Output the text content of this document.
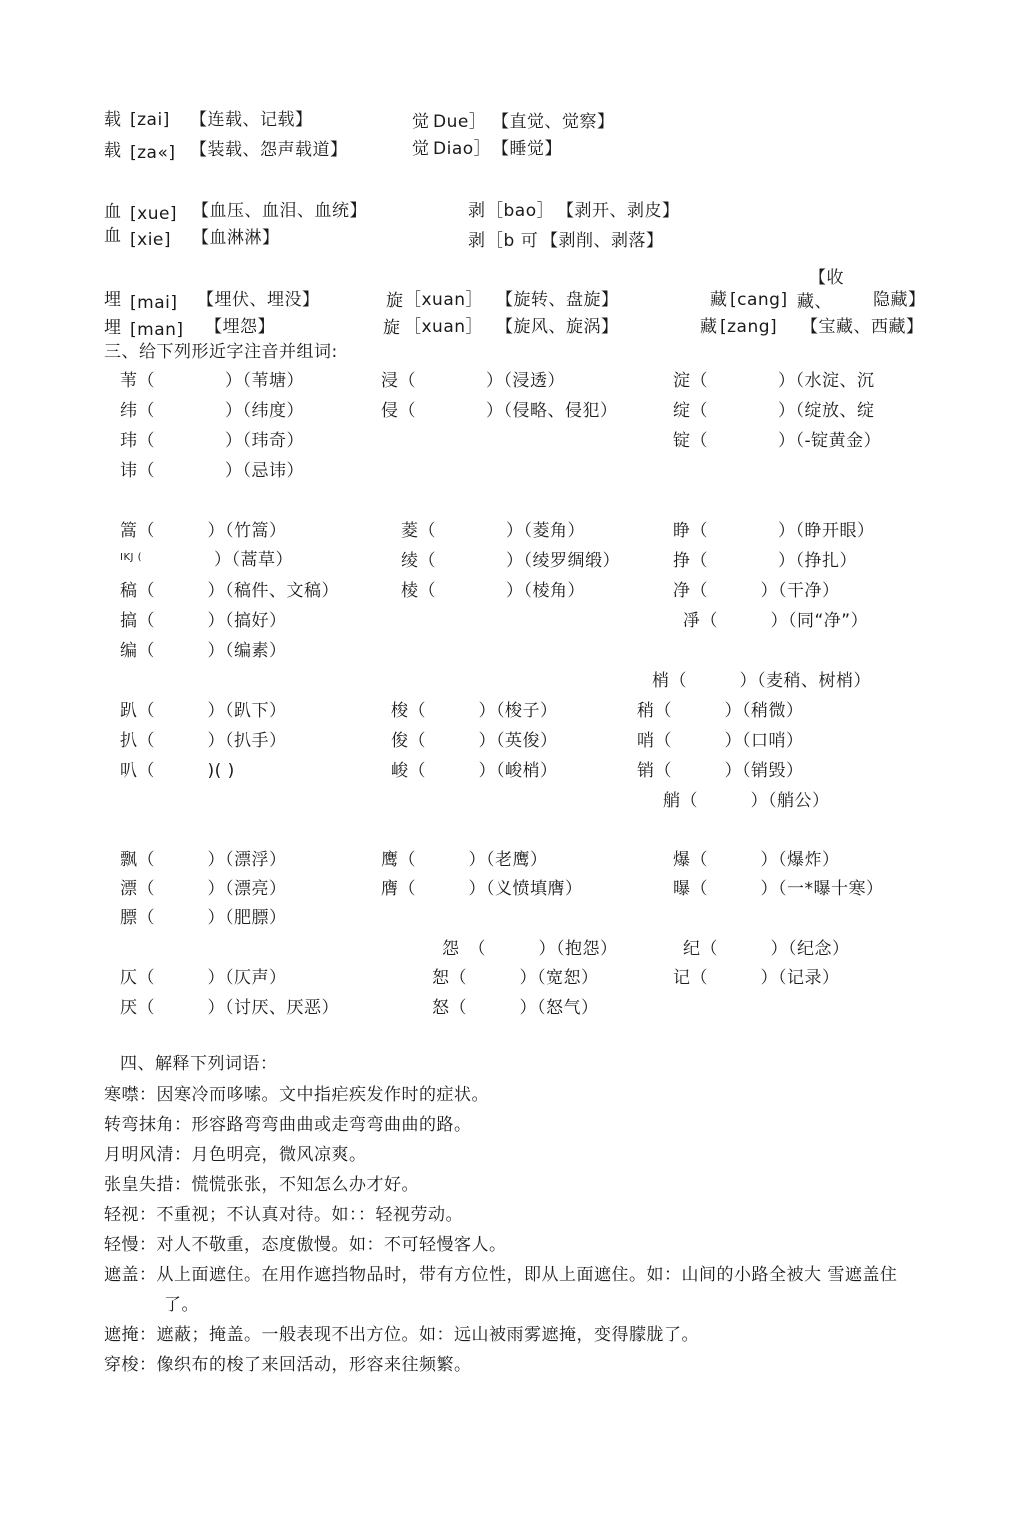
载 [zai] 【连载、记载】
载 [za«] 【装载、怨声载道】
觉 Due］ 【直觉、觉察】
觉 Diao］ 【睡觉】
血 [xue] 【血压、血泪、血统】
血 [xie] 【血淋淋】
剥 ［bao］ 【剥开、剥皮】
剥 ［b 可 【剥削、剥落】
埋 [mai] 【埋伏、埋没】
埋 [man] 【埋怨】
旋 ［xuan］ 【旋转、盘旋】
旋 ［xuan］ 【旋风、旋涡】
【收
藏 [cang] 藏、 隐藏】
藏 [zang] 【宝藏、西藏】
三、给下列形近字注音并组词:
苇（　　　　）（苇塘）
纬（　　　　）（纬度）
玮（　　　　）（玮奇）
讳（　　　　）（忌讳）
浸（　　　　）（浸透）
侵（　　　　）（侵略、侵犯）
淀（　　　　）（水淀、沉
绽（　　　　）（绽放、绽
锭（　　　　）（-锭黄金）
篙（　　　）（竹篙）
IKJ (	）（蒿草）
稿（　　　）（稿件、文稿）
搞（　　　）（搞好）
编（　　　）（编素）
菱（　　　　）（菱角）
绫（　　　　）（绫罗绸缎）
棱（　　　　）（棱角）
睁（　　　　）（睁开眼）
挣（　　　　）（挣扎）
净（　　　）（干净）
凈（　　　）（同“净”）
梢（　　　）（麦稍、树梢）
趴（　　　）（趴下）
扒（　　　）（扒手）
叭（　　　)( )
梭（　　　）（梭子）
俊（　　　）（英俊）
峻（　　　）（峻梢）
稍（　　　）（稍微）
哨（　　　）（口哨）
销（　　　）（销毁）
艄（　　　）（艄公）
飘（　　　）（漂浮）
漂（　　　）（漂亮）
膘（　　　）（肥膘）
鹰（　　　）（老鹰）
膺（　　　）（义愤填膺）
爆（　　　）（爆炸）
曝（　　　）（一*曝十寒）
怨　（　　　）（抱怨）	纪（　　　）（纪念）
仄（　　　）（仄声）
厌（　　　）（讨厌、厌恶）
恕（　　　）（宽恕）
怒（　　　）（怒气）
记（　　　）（记录）
四、解释下列词语：
寒噤：因寒冷而哆嗦。文中指疟疾发作时的症状。
转弯抹角：形容路弯弯曲曲或走弯弯曲曲的路。
月明风清：月色明亮，微风凉爽。
张皇失措：慌慌张张，不知怎么办才好。
轻视：不重视；不认真对待。如：：轻视劳动。
轻慢：对人不敬重，态度傲慢。如：不可轻慢客人。
遮盖：从上面遮住。在用作遮挡物品时，带有方位性，即从上面遮住。如：山间的小路全被大 雪遮盖住
了。
遮掩：遮蔽；掩盖。一般表现不出方位。如：远山被雨雾遮掩，变得朦胧了。
穿梭：像织布的梭了来回活动，形容来往频繁。
